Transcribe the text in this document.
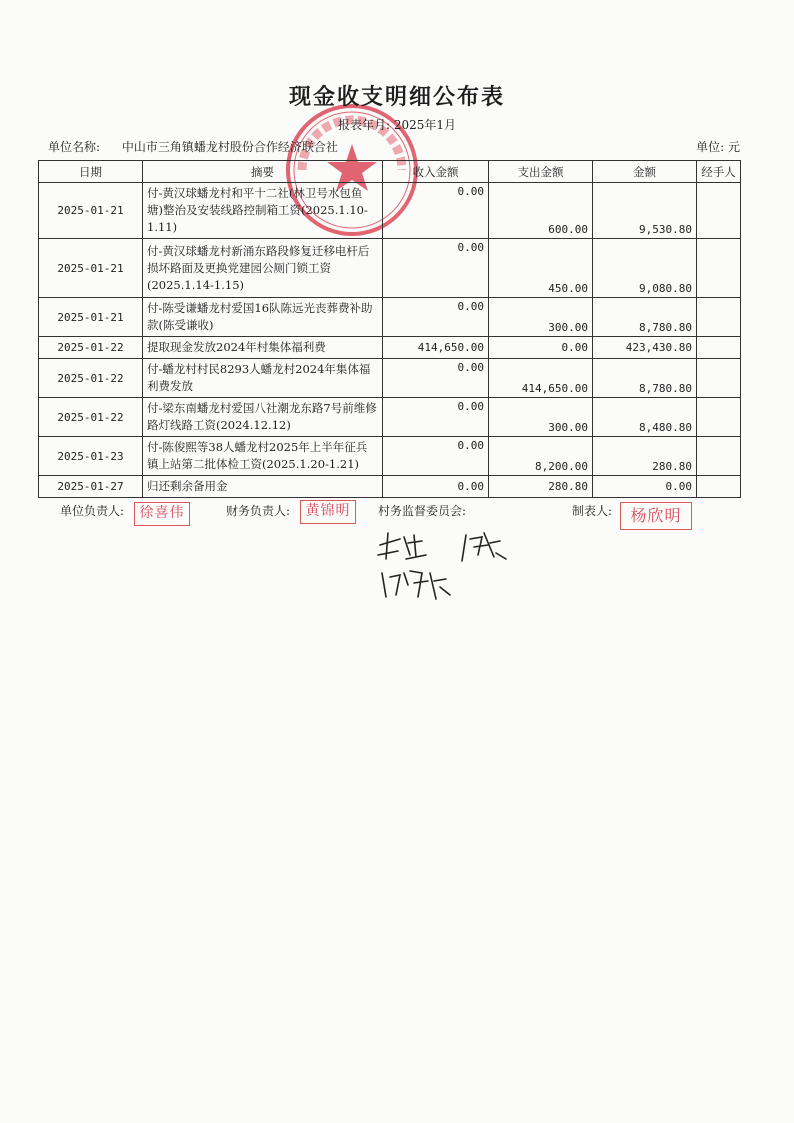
现金收支明细公布表
报表年月: 2025年1月
单位名称: 中山市三角镇蟠龙村股份合作经济联合社	单位: 元
日期	摘要	收入金额	支出金额	金额	经手人
2025-01-21	付-黄汉球蟠龙村和平十二社(林卫号水包鱼塘)整治及安装线路控制箱工资(2025.1.10-1.11)	0.00	600.00	9,530.80	
2025-01-21	付-黄汉球蟠龙村新涌东路段修复迁移电杆后损坏路面及更换党建园公厕门锁工资(2025.1.14-1.15)	0.00	450.00	9,080.80	
2025-01-21	付-陈受谦蟠龙村爱国16队陈远光丧葬费补助款(陈受谦收)	0.00	300.00	8,780.80	
2025-01-22	提取现金发放2024年村集体福利费	414,650.00	0.00	423,430.80	
2025-01-22	付-蟠龙村村民8293人蟠龙村2024年集体福利费发放	0.00	414,650.00	8,780.80	
2025-01-22	付-梁东南蟠龙村爱国八社潮龙东路7号前维修路灯线路工资(2024.12.12)	0.00	300.00	8,480.80	
2025-01-23	付-陈俊熙等38人蟠龙村2025年上半年征兵镇上站第二批体检工资(2025.1.20-1.21)	0.00	8,200.00	280.80	
2025-01-27	归还剩余备用金	0.00	280.80	0.00	
单位负责人:	徐喜伟	财务负责人:	黄锦明	村务监督委员会:	制表人:	杨欣明
